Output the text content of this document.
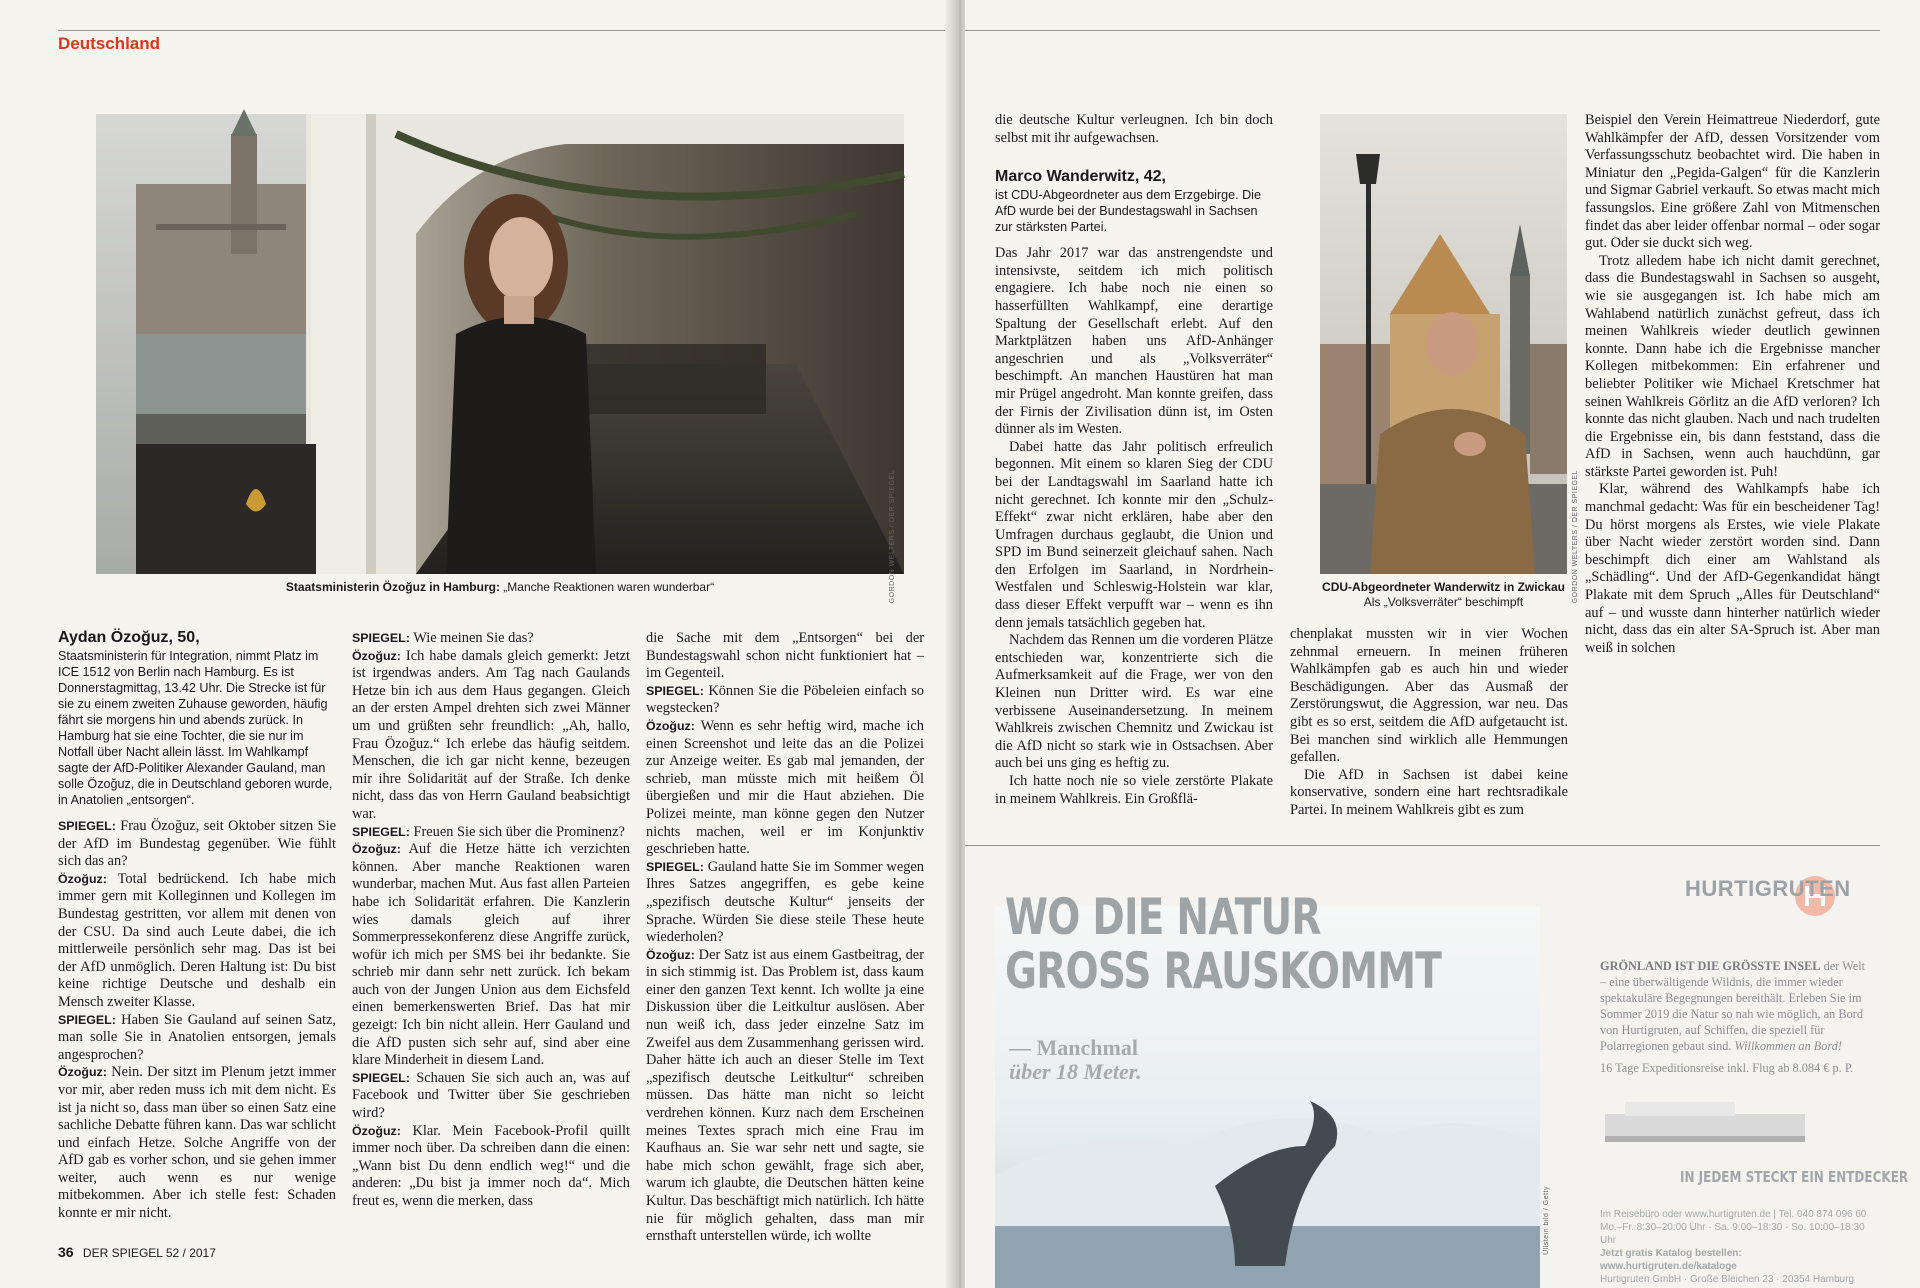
Deutschland
GORDON WELTERS / DER SPIEGEL
Staatsministerin Özoğuz in Hamburg: „Manche Reaktionen waren wunderbar“
Aydan Özoğuz, 50,

Staatsministerin für Integration, nimmt Platz im ICE 1512 von Berlin nach Hamburg. Es ist Donnerstagmittag, 13.42 Uhr. Die Strecke ist für sie zu einem zweiten Zuhause geworden, häufig fährt sie morgens hin und abends zurück. In Hamburg hat sie eine Tochter, die sie nur im Notfall über Nacht allein lässt. Im Wahlkampf sagte der AfD-Politiker Alexander Gauland, man solle Özoğuz, die in Deutschland geboren wurde, in Anatolien „entsorgen“.

SPIEGEL: Frau Özoğuz, seit Oktober sitzen Sie der AfD im Bundestag gegenüber. Wie fühlt sich das an?

Özoğuz: Total bedrückend. Ich habe mich immer gern mit Kolleginnen und Kollegen im Bundestag gestritten, vor allem mit denen von der CSU. Da sind auch Leute dabei, die ich mittlerweile persönlich sehr mag. Das ist bei der AfD unmöglich. Deren Haltung ist: Du bist keine richtige Deutsche und deshalb ein Mensch zweiter Klasse.

SPIEGEL: Haben Sie Gauland auf seinen Satz, man solle Sie in Anatolien entsorgen, jemals angesprochen?

Özoğuz: Nein. Der sitzt im Plenum jetzt immer vor mir, aber reden muss ich mit dem nicht. Es ist ja nicht so, dass man über so einen Satz eine sachliche Debatte führen kann. Das war schlicht und einfach Hetze. Solche Angriffe von der AfD gab es vorher schon, und sie gehen immer weiter, auch wenn es nur wenige mitbekommen. Aber ich stelle fest: Schaden konnte er mir nicht.

SPIEGEL: Wie meinen Sie das?

Özoğuz: Ich habe damals gleich gemerkt: Jetzt ist irgendwas anders. Am Tag nach Gaulands Hetze bin ich aus dem Haus gegangen. Gleich an der ersten Ampel drehten sich zwei Männer um und grüßten sehr freundlich: „Ah, hallo, Frau Özoğuz.“ Ich erlebe das häufig seitdem. Menschen, die ich gar nicht kenne, bezeugen mir ihre Solidarität auf der Straße. Ich denke nicht, dass das von Herrn Gauland beabsichtigt war.

SPIEGEL: Freuen Sie sich über die Prominenz?

Özoğuz: Auf die Hetze hätte ich verzichten können. Aber manche Reaktionen waren wunderbar, machen Mut. Aus fast allen Parteien habe ich Solidarität erfahren. Die Kanzlerin wies damals gleich auf ihrer Sommerpressekonferenz diese Angriffe zurück, wofür ich mich per SMS bei ihr bedankte. Sie schrieb mir dann sehr nett zurück. Ich bekam auch von der Jungen Union aus dem Eichsfeld einen bemerkenswerten Brief. Das hat mir gezeigt: Ich bin nicht allein. Herr Gauland und die AfD pusten sich sehr auf, sind aber eine klare Minderheit in diesem Land.

SPIEGEL: Schauen Sie sich auch an, was auf Facebook und Twitter über Sie geschrieben wird?

Özoğuz: Klar. Mein Facebook-Profil quillt immer noch über. Da schreiben dann die einen: „Wann bist Du denn endlich weg!“ und die anderen: „Du bist ja immer noch da“. Mich freut es, wenn die merken, dass

die Sache mit dem „Entsorgen“ bei der Bundestagswahl schon nicht funktioniert hat – im Gegenteil.

SPIEGEL: Können Sie die Pöbeleien einfach so wegstecken?

Özoğuz: Wenn es sehr heftig wird, mache ich einen Screenshot und leite das an die Polizei zur Anzeige weiter. Es gab mal jemanden, der schrieb, man müsste mich mit heißem Öl übergießen und mir die Haut abziehen. Die Polizei meinte, man könne gegen den Nutzer nichts machen, weil er im Konjunktiv geschrieben hatte.

SPIEGEL: Gauland hatte Sie im Sommer wegen Ihres Satzes angegriffen, es gebe keine „spezifisch deutsche Kultur“ jenseits der Sprache. Würden Sie diese steile These heute wiederholen?

Özoğuz: Der Satz ist aus einem Gastbeitrag, der in sich stimmig ist. Das Problem ist, dass kaum einer den ganzen Text kennt. Ich wollte ja eine Diskussion über die Leitkultur auslösen. Aber nun weiß ich, dass jeder einzelne Satz im Zweifel aus dem Zusammenhang gerissen wird. Daher hätte ich auch an dieser Stelle im Text „spezifisch deutsche Leitkultur“ schreiben müssen. Das hätte man nicht so leicht verdrehen können. Kurz nach dem Erscheinen meines Textes sprach mich eine Frau im Kaufhaus an. Sie war sehr nett und sagte, sie habe mich schon gewählt, frage sich aber, warum ich glaubte, die Deutschen hätten keine Kultur. Das beschäftigt mich natürlich. Ich hätte nie für möglich gehalten, dass man mir ernsthaft unterstellen würde, ich wollte

36 DER SPIEGEL 52 / 2017

die deutsche Kultur verleugnen. Ich bin doch selbst mit ihr aufgewachsen.

Marco Wanderwitz, 42,

ist CDU-Abgeordneter aus dem Erzgebirge. Die AfD wurde bei der Bundestagswahl in Sachsen zur stärksten Partei.

Das Jahr 2017 war das anstrengendste und intensivste, seitdem ich mich politisch engagiere. Ich habe noch nie einen so hasserfüllten Wahlkampf, eine derartige Spaltung der Gesellschaft erlebt. Auf den Marktplätzen haben uns AfD-Anhänger angeschrien und als „Volksverräter“ beschimpft. An manchen Haustüren hat man mir Prügel angedroht. Man konnte greifen, dass der Firnis der Zivilisation dünn ist, im Osten dünner als im Westen.

Dabei hatte das Jahr politisch erfreulich begonnen. Mit einem so klaren Sieg der CDU bei der Landtagswahl im Saarland hatte ich nicht gerechnet. Ich konnte mir den „Schulz-Effekt“ zwar nicht erklären, habe aber den Umfragen durchaus geglaubt, die Union und SPD im Bund seinerzeit gleichauf sahen. Nach den Erfolgen im Saarland, in Nordrhein-Westfalen und Schleswig-Holstein war klar, dass dieser Effekt verpufft war – wenn es ihn denn jemals tatsächlich gegeben hat.

Nachdem das Rennen um die vorderen Plätze entschieden war, konzentrierte sich die Aufmerksamkeit auf die Frage, wer von den Kleinen nun Dritter wird. Es war eine verbissene Auseinandersetzung. In meinem Wahlkreis zwischen Chemnitz und Zwickau ist die AfD nicht so stark wie in Ostsachsen. Aber auch bei uns ging es heftig zu.

Ich hatte noch nie so viele zerstörte Plakate in meinem Wahlkreis. Ein Großflä-

GORDON WELTERS / DER SPIEGEL
CDU-Abgeordneter Wanderwitz in Zwickau
Als „Volksverräter“ beschimpft

chenplakat mussten wir in vier Wochen zehnmal erneuern. In meinen früheren Wahlkämpfen gab es auch hin und wieder Beschädigungen. Aber das Ausmaß der Zerstörungswut, die Aggression, war neu. Das gibt es so erst, seitdem die AfD aufgetaucht ist. Bei manchen sind wirklich alle Hemmungen gefallen.

Die AfD in Sachsen ist dabei keine konservative, sondern eine hart rechtsradikale Partei. In meinem Wahlkreis gibt es zum

Beispiel den Verein Heimattreue Niederdorf, gute Wahlkämpfer der AfD, dessen Vorsitzender vom Verfassungsschutz beobachtet wird. Die haben in Miniatur den „Pegida-Galgen“ für die Kanzlerin und Sigmar Gabriel verkauft. So etwas macht mich fassungslos. Eine größere Zahl von Mitmenschen findet das aber leider offenbar normal – oder sogar gut. Oder sie duckt sich weg.

Trotz alledem habe ich nicht damit gerechnet, dass die Bundestagswahl in Sachsen so ausgeht, wie sie ausgegangen ist. Ich habe mich am Wahlabend natürlich zunächst gefreut, dass ich meinen Wahlkreis wieder deutlich gewinnen konnte. Dann habe ich die Ergebnisse mancher Kollegen mitbekommen: Ein erfahrener und beliebter Politiker wie Michael Kretschmer hat seinen Wahlkreis Görlitz an die AfD verloren? Ich konnte das nicht glauben. Nach und nach trudelten die Ergebnisse ein, bis dann feststand, dass die AfD in Sachsen, wenn auch hauchdünn, gar stärkste Partei geworden ist. Puh!

Klar, während des Wahlkampfs habe ich manchmal gedacht: Was für ein bescheidener Tag! Du hörst morgens als Erstes, wie viele Plakate über Nacht wieder zerstört worden sind. Dann beschimpft dich einer am Wahlstand als „Schädling“. Und der AfD-Gegenkandidat hängt Plakate mit dem Spruch „Alles für Deutschland“ auf – und wusste dann hinterher natürlich wieder nicht, dass das ein alter SA-Spruch ist. Aber man weiß in solchen

WO DIE NATUR
GROSS RAUSKOMMT
— Manchmal
über 18 Meter.
HURTIGRUTEN
GRÖNLAND IST DIE GRÖSSTE INSEL der Welt – eine überwältigende Wildnis, die immer wieder spektakuläre Begegnungen bereithält. Erleben Sie im Sommer 2019 die Natur so nah wie möglich, an Bord von Hurtigruten, auf Schiffen, die speziell für Polarregionen gebaut sind. Willkommen an Bord!
16 Tage Expeditionsreise inkl. Flug ab 8.084 € p. P.
IN JEDEM STECKT EIN ENTDECKER
Im Reisebüro oder www.hurtigruten.de | Tel. 040 874 096 60
Mo.–Fr. 8:30–20:00 Uhr · Sa. 9:00–18:30 · So. 10:00–18:30 Uhr
Jetzt gratis Katalog bestellen: www.hurtigruten.de/kataloge
Hurtigruten GmbH · Große Bleichen 23 · 20354 Hamburg
Ullstein bild / Getty
